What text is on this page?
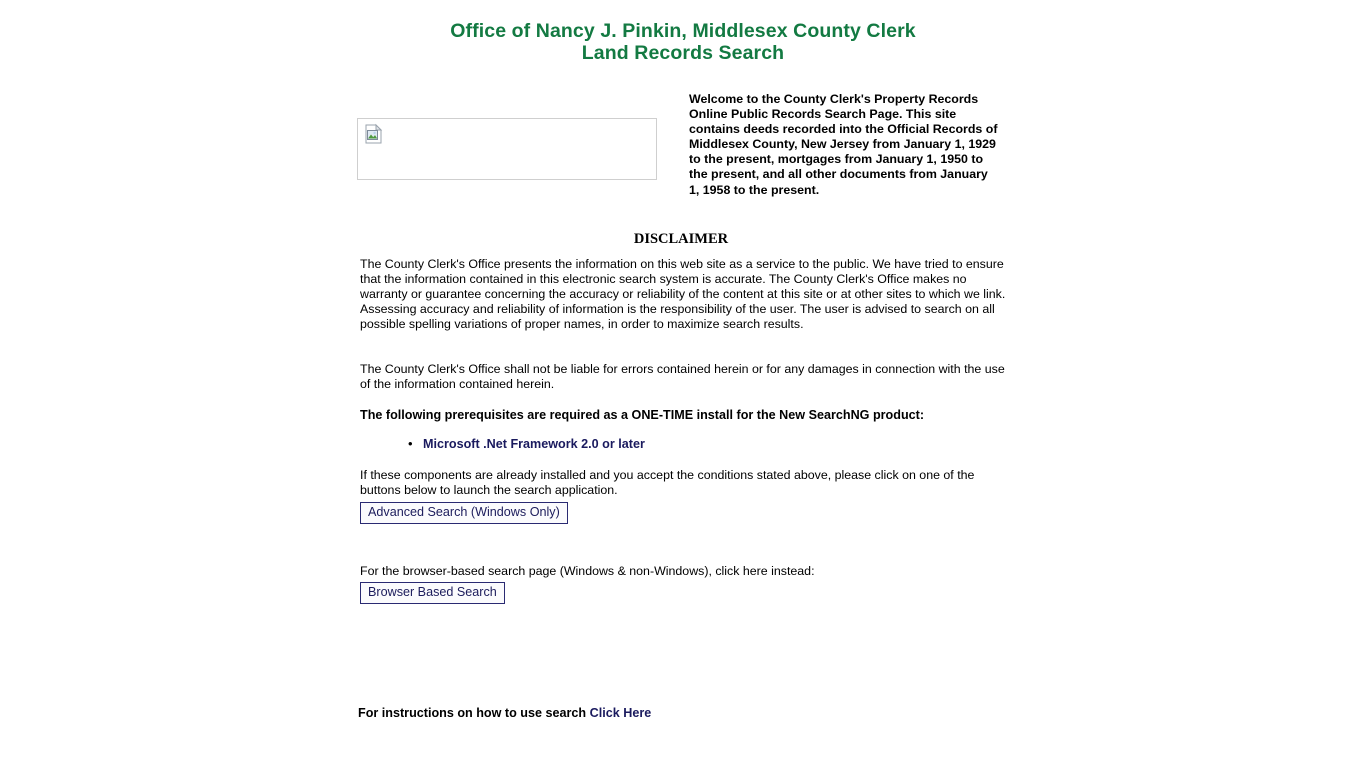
Office of Nancy J. Pinkin, Middlesex County Clerk
Land Records Search
Welcome to the County Clerk's Property Records Online Public Records Search Page. This site contains deeds recorded into the Official Records of Middlesex County, New Jersey from January 1, 1929 to the present, mortgages from January 1, 1950 to the present, and all other documents from January 1, 1958 to the present.
DISCLAIMER
The County Clerk's Office presents the information on this web site as a service to the public. We have tried to ensure that the information contained in this electronic search system is accurate. The County Clerk's Office makes no warranty or guarantee concerning the accuracy or reliability of the content at this site or at other sites to which we link. Assessing accuracy and reliability of information is the responsibility of the user. The user is advised to search on all possible spelling variations of proper names, in order to maximize search results.
The County Clerk's Office shall not be liable for errors contained herein or for any damages in connection with the use of the information contained herein.
The following prerequisites are required as a ONE-TIME install for the New SearchNG product:
• Microsoft .Net Framework 2.0 or later
If these components are already installed and you accept the conditions stated above, please click on one of the buttons below to launch the search application.
Advanced Search (Windows Only)
For the browser-based search page (Windows & non-Windows), click here instead:
Browser Based Search
For instructions on how to use search Click Here
